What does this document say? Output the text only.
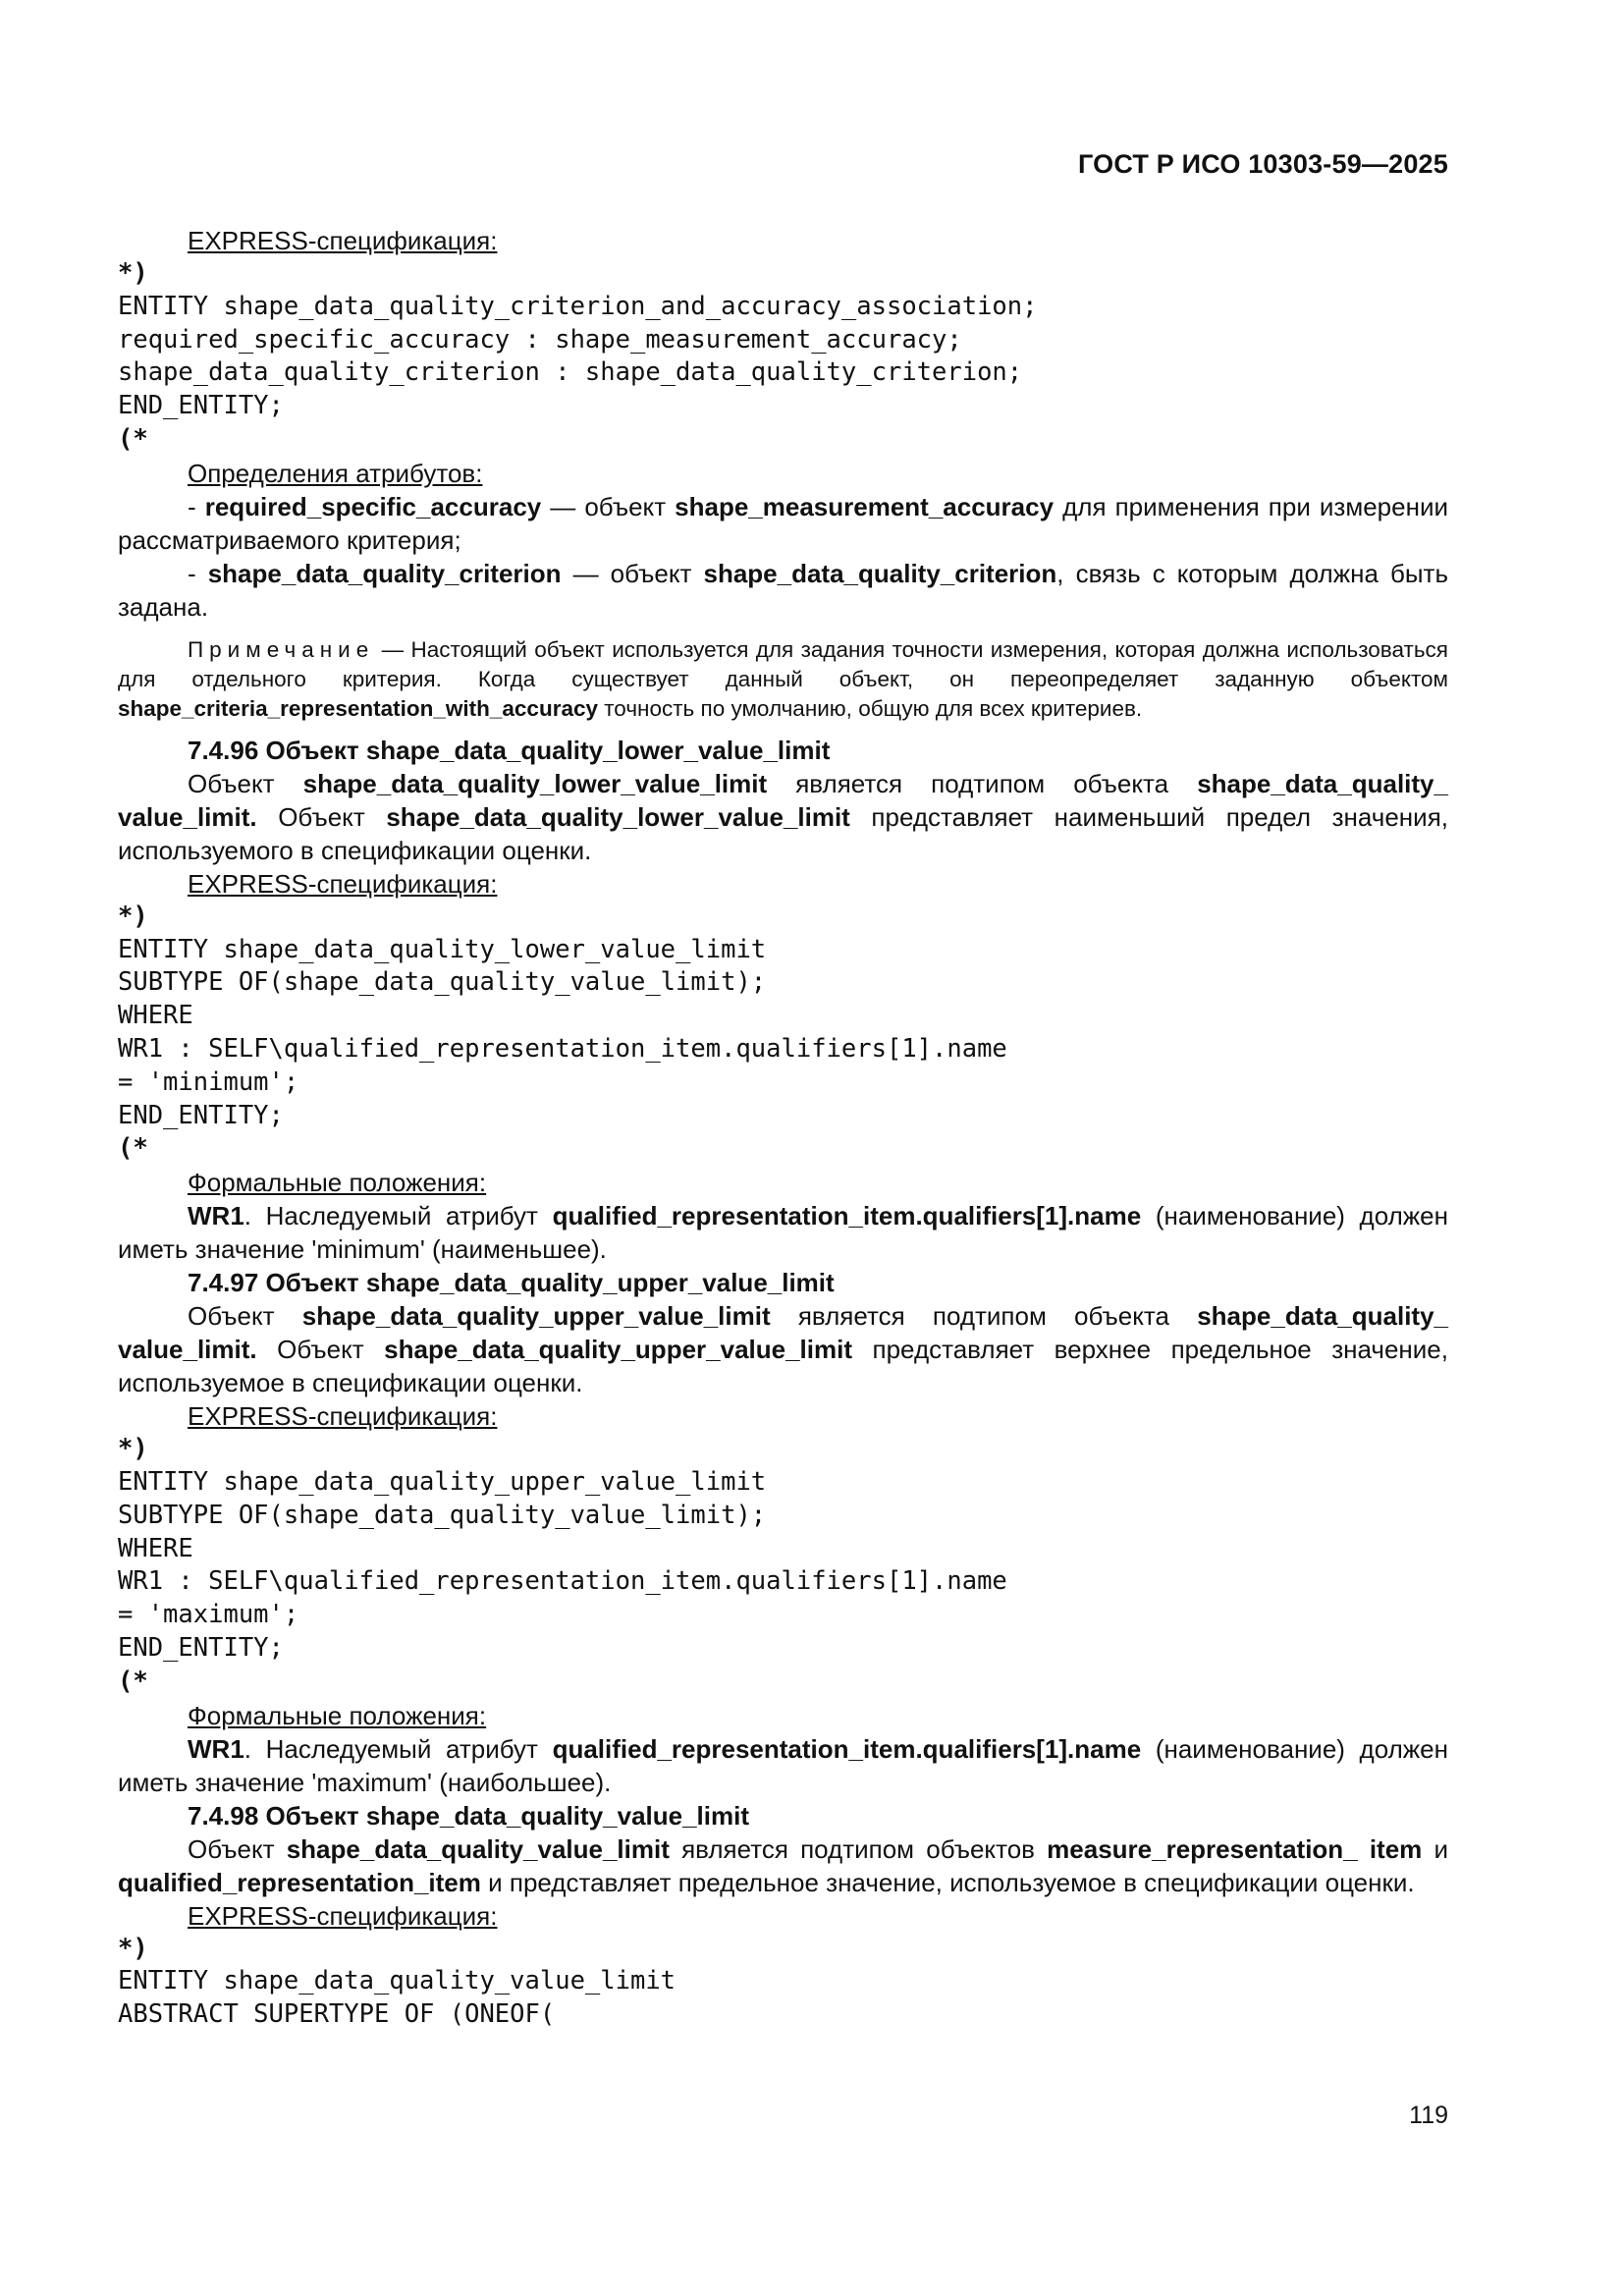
ГОСТ Р ИСО 10303-59—2025

EXPRESS-спецификация:

*)
ENTITY shape_data_quality_criterion_and_accuracy_association;
required_specific_accuracy : shape_measurement_accuracy;
shape_data_quality_criterion : shape_data_quality_criterion;
END_ENTITY;
(*

Определения атрибутов:

- required_specific_accuracy — объект shape_measurement_accuracy для применения при измерении рассматриваемого критерия;

- shape_data_quality_criterion — объект shape_data_quality_criterion, связь с которым должна быть задана.

Примечание — Настоящий объект используется для задания точности измерения, которая должна использоваться для отдельного критерия. Когда существует данный объект, он переопределяет заданную объектом shape_criteria_representation_with_accuracy точность по умолчанию, общую для всех критериев.

7.4.96 Объект shape_data_quality_lower_value_limit

Объект shape_data_quality_lower_value_limit является подтипом объекта shape_data_quality_ value_limit. Объект shape_data_quality_lower_value_limit представляет наименьший предел значения, используемого в спецификации оценки.

EXPRESS-спецификация:

*)
ENTITY shape_data_quality_lower_value_limit
SUBTYPE OF(shape_data_quality_value_limit);
WHERE
WR1 : SELF\qualified_representation_item.qualifiers[1].name
= 'minimum';
END_ENTITY;
(*

Формальные положения:

WR1. Наследуемый атрибут qualified_representation_item.qualifiers[1].name (наименование) должен иметь значение 'minimum' (наименьшее).

7.4.97 Объект shape_data_quality_upper_value_limit

Объект shape_data_quality_upper_value_limit является подтипом объекта shape_data_quality_ value_limit. Объект shape_data_quality_upper_value_limit представляет верхнее предельное значение, используемое в спецификации оценки.

EXPRESS-спецификация:

*)
ENTITY shape_data_quality_upper_value_limit
SUBTYPE OF(shape_data_quality_value_limit);
WHERE
WR1 : SELF\qualified_representation_item.qualifiers[1].name
= 'maximum';
END_ENTITY;
(*

Формальные положения:

WR1. Наследуемый атрибут qualified_representation_item.qualifiers[1].name (наименование) должен иметь значение 'maximum' (наибольшее).

7.4.98 Объект shape_data_quality_value_limit

Объект shape_data_quality_value_limit является подтипом объектов measure_representation_ item и qualified_representation_item и представляет предельное значение, используемое в спецификации оценки.

EXPRESS-спецификация:

*)
ENTITY shape_data_quality_value_limit
ABSTRACT SUPERTYPE OF (ONEOF(
119
